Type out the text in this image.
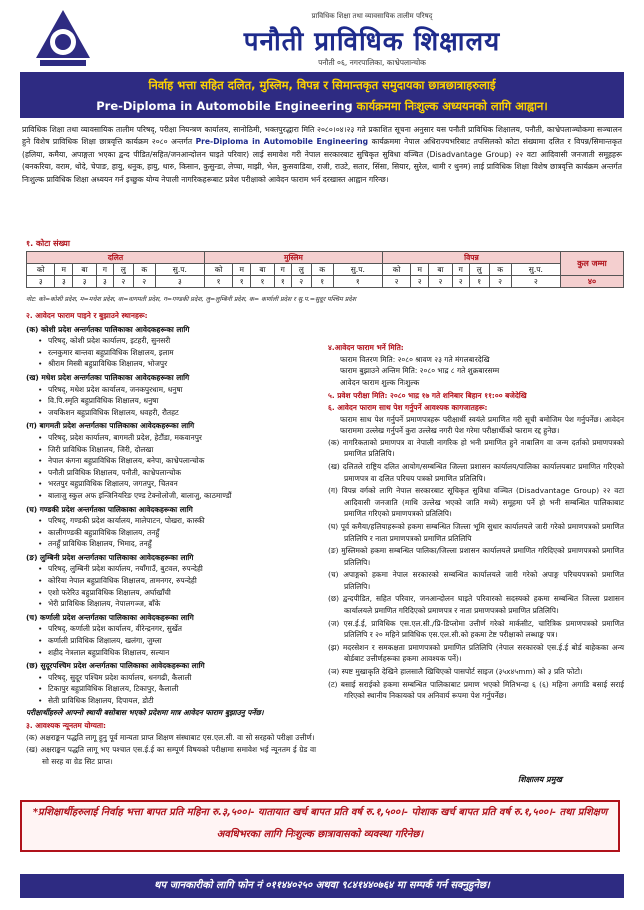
प्राविधिक शिक्षा तथा व्यावसायिक तालीम परिषद्
पनौती प्राविधिक शिक्षालय
पनौती ०६, नगरपालिका, काभ्रेपलान्चोक
निर्वाह भत्ता सहित दलित, मुस्लिम, विपन्न र सिमान्तकृत समुदायका छात्रछात्राहरुलाई
Pre-Diploma in Automobile Engineering कार्यक्रममा निःशुल्क अध्ययनको लागि आह्वान।
प्राविधिक शिक्षा तथा व्यावसायिक तालीम परिषद्, परीक्षा नियन्त्रण कार्यालय, सानोठिमी, भक्तपुरद्धारा मिति २०८०।०४।२३ गते प्रकाशित सूचना अनुसार यस पनौती प्राविधिक शिक्षालय, पनौती, काभ्रेपलाञ्चोकमा सञ्चालन हुने विशेष प्राविधिक शिक्षा छात्रवृत्ति कार्यक्रम २०८० अन्तर्गत Pre-Diploma in Automobile Engineering कार्यक्रममा नेपाल अधिराज्यभरिबाट तपसिलको कोटा संख्यामा दलित र विपन्न/सिमान्तकृत (हलिया, कमैया, अपाङ्गता भएका द्वन्द पीडित/सहित/जनआन्दोलन घाइते परिवार) लाई समावेश गरी नेपाल सरकारबाट सुचिकृत सुविधा वञ्चित (Disadvantage Group) २२ वटा आदिवासी जनजाती समूहहरू (बनकरिया, वराम, थोदे, चेपाङ, हायु, धनुक, हायु, थारु, किसान, कुसुन्डा, लेप्चा, माझी, भेल, कुसवाडिया, राजी, राउटे, सतार, सिंसा, सियार, सुरेल, थामी र थुनम) लाई प्राविधिक शिक्षा विशेष छात्रवृत्ति कार्यक्रम अन्तर्गत निःशुल्क प्राविधिक शिक्षा अध्ययन गर्न इच्छुक योग्य नेपाली नागरिकहरूबाट प्रवेश परीक्षाको आवेदन फाराम भर्न दरखास्त आह्वान गरिन्छ।
१. कोटा संख्या
दलित							मुस्लिम							विपन्न							कुल जम्मा
को	म	बा	ग	लु	क	सु.प.	को	म	बा	ग	लु	क	सु.प.	को	म	बा	ग	लु	क	सु.प.	
३	३	३	३	२	२	३	१	१	१	१	२	१	१	२	२	२	२	१	२	२	४०
नोट: को=कोशी प्रदेश, म=मधेश प्रदेश, वा=वागमती प्रदेश, ग=गण्डकी प्रदेश, लु=लुम्बिनी प्रदेश, क= कर्णाली प्रदेश र सु.प.=सुदूर पश्चिम प्रदेश
२. आवेदन फाराम पाइने र बुझाउने स्थानहरू:
(क) कोशी प्रदेश अन्तर्गतका पालिकाका आवेदकहरूका लागि
• परिषद्, कोशी प्रदेश कार्यालय, इटहरी, सुनसरी
• रत्नकुमार बान्तवा बहुप्राविधिक शिक्षालय, इलाम
• श्रीराम मिस्त्री बहुप्राविधिक शिक्षालय, भोजपुर
(ख) मधेश प्रदेश अन्तर्गतका पालिकाका आवेदकहरूका लागि
• परिषद्, मधेश प्रदेश कार्यालय, जनकपुरधाम, धनुषा
• वि.पि.स्मृति बहुप्राविधिक शिक्षालय, धनुषा
• जयकिशन बहुप्राविधिक शिक्षालय, धवहरी, रौतहट
(ग) बागमती प्रदेश अन्तर्गतका पालिकाका आवेदकहरूका लागि
• परिषद्, प्रदेश कार्यालय, बागमती प्रदेश, हेटौंडा, मकवानपुर
• जिरी प्राविधिक शिक्षालय, जिरी, दोलखा
• नेपाल कंगना बहुप्राविधिक शिक्षालय, बनेपा, काभ्रेपलान्चोक
• पनौती प्राविधिक शिक्षालय, पनौती, काभ्रेपलान्चोक
• भरतपुर बहुप्राविधिक शिक्षालय, जगतपुर, चितवन
• बालाजु स्कुल अफ इन्जिनियरिङ एण्ड टेक्नोलोजी, बालाजु, काठमाण्डौं
(घ) गण्डकी प्रदेश अन्तर्गतका पालिकाका आवेदकहरूका लागि
• परिषद्, गण्डकी प्रदेश कार्यालय, मालेपाटन, पोखरा, कास्की
• कालीगण्डकी बहुप्राविधिक शिक्षालय, तनहुँ
• तनहुँ प्राविधिक शिक्षालय, भिमाद, तनहुँ
(ङ) लुम्बिनी प्रदेश अन्तर्गतका पालिकाका आवेदकहरूका लागि
• परिषद्, लुम्बिनी प्रदेश कार्यालय, नयाँगाउँ, बुटवल, रुपन्देही
• कोरिया नेपाल बहुप्राविधिक शिक्षालय, तामनगर, रुपन्देही
• एशो फरेरिउ बहुप्राविधिक शिक्षालय, अर्घाखाँची
• भेरी प्राविधिक शिक्षालय, नेपालगञ्ज, बाँके
(च) कर्णाली प्रदेश अन्तर्गतका पालिकाका आवेदकहरूका लागि
• परिषद्, कर्णाली प्रदेश कार्यालय, वीरेन्द्रनगर, सुर्खेत
• कर्णाली प्राविधिक शिक्षालय, खलंगा, जुम्ला
• शहीद नेत्रलाल बहुप्राविधिक शिक्षालय, सल्यान
(छ) सुदूरपश्चिम प्रदेश अन्तर्गतका पालिकाका आवेदकहरूका लागि
• परिषद्, सुदूर पश्चिम प्रदेश कार्यालय, धनगढी, कैलाली
• टिकापुर बहुप्राविधिक शिक्षालय, टिकापुर, कैलाली
• सेती प्राविधिक शिक्षालय, दिपायल, डोटी
परीक्षार्थीहरुले आफ्नो स्थायी बसोबास भएको प्रदेशमा मात्र आवेदन फाराम बुझाउनु पर्नेछ।
३. आवश्यक न्यूनतम योग्यता:
(क) अक्षराङ्कन पद्धति लागू हुनु पूर्व मान्यता प्राप्त शिक्षण संस्थाबाट एस.एल.सी. वा सो सरहको परीक्षा उत्तीर्ण।
(ख) अक्षराङ्कन पद्धति लागू भए पश्चात एस.ई.ई का सम्पूर्ण विषयको परीक्षामा समावेश भई न्यूनतम ई ग्रेड वा सो सरह वा ग्रेड सिट प्राप्त।
४.आवेदन फाराम भर्ने मिति:
फाराम वितरण मिति: २०८० श्रावण २३ गते मंगलबारदेखि
फाराम बुझाउने अन्तिम मिति: २०८० भाद्र ८ गते शुक्रबारसम्म
आवेदन फाराम शुल्क निःशुल्क
५. प्रवेश परीक्षा मिति: २०८० भाद्र १७ गते शनिबार बिहान ११:०० बजेदेखि
६. आवेदन फाराम साथ पेश गर्नुपर्ने आवश्यक कागजातहरू:
फाराम साथ पेश गर्नुपर्ने प्रमाणपत्रहरू परीक्षार्थी स्वयंले प्रमाणित गरी सूची बमोजिम पेश गर्नुपर्नेछ। आवेदन फाराममा उल्लेख गर्नुपर्ने कुरा उल्लेख नगरी पेश गरेमा परीक्षार्थीको फाराम रद्द हुनेछ।
(क) नागरिकताको प्रमाणपत्र वा नेपाली नागरिक हो भनी प्रमाणित हुने नाबालिग वा जन्म दर्ताको प्रमाणपत्रको प्रमाणित प्रतिलिपि।
(ख) दलितले राष्ट्रिय दलित आयोग/सम्बन्धित जिल्ला प्रशासन कार्यालय/पालिका कार्यालयबाट प्रमाणित गरिएको प्रमाणपत्र वा दलित परिचय पत्रको प्रमाणित प्रतिलिपि।
(ग) विपन्न वर्गको लागि नेपाल सरकारबाट सूचिकृत सुविधा वञ्चित (Disadvantage Group) २२ वटा आदिवासी जनजाति (माथि उल्लेख भएको जाति मध्ये) समूहमा पर्ने हो भनी सम्बन्धित पालिकाबाट प्रमाणित गरिएको प्रमाणपत्रको प्रतिलिपि।
(घ) पूर्व कमैया/हलियाहरूको हकमा सम्बन्धित जिल्ला भूमि सुधार कार्यालयले जारी गरेको प्रमाणपत्रको प्रमाणित प्रतिलिपि र नाता प्रमाणपत्रको प्रमाणित प्रतिलिपि
(ङ) मुस्लिमको हकमा सम्बन्धित पालिका/जिल्ला प्रशासन कार्यालयले प्रमाणित गरिदिएको प्रमाणपत्रको प्रमाणित प्रतिलिपि।
(च) अपाङ्गको हकमा नेपाल सरकारको सम्बन्धित कार्यालयले जारी गरेको अपाङ्ग परिचयपत्रको प्रमाणित प्रतिलिपि।
(छ) द्वन्दपीडित, सहित परिवार, जनआन्दोलन घाइते परिवारको सदस्यको हकमा सम्बन्धित जिल्ला प्रशासन कार्यालयले प्रमाणित गरिदिएको प्रमाणपत्र र नाता प्रमाणपत्रको प्रमाणित प्रतिलिपि।
(ज) एस.ई.ई, प्राविधिक एस.एल.सी./प्रि-डिप्लोमा उत्तीर्ण गरेको मार्कसीट, चारित्रिक प्रमाणपत्रको प्रमाणित प्रतिलिपि र २० महिने प्राविधिक एस.एल.सी.को हकमा टेष्ट परीक्षाको लब्धाङ्क पत्र।
(झ) मदरसेशन र समकक्षता प्रमाणपत्रको प्रमाणित प्रतिलिपि (नेपाल सरकारको एस.ई.ई बोर्ड बाहेकका अन्य बोर्डबाट उत्तीर्णहरूका हकमा आवश्यक पर्ने)।
(ञ) स्पष्ट मुखाकृति देखिने हालसालै खिचिएको पासपोर्ट साइज (३५x४५mm) को ३ प्रति फोटो।
(ट) बसाई सराईको हकमा सम्बन्धित पालिकाबाट प्रमाण भएको मितिभन्दा ६ (६) महिना अगाडि बसाई सराई गरिएको स्थानीय निकायको पत्र अनिवार्य रूपमा पेश गर्नुपर्नेछ।
शिक्षालय प्रमुख
*प्रशिक्षार्थीहरुलाई निर्वाह भत्ता बापत प्रति महिना रु.३,५००।- यातायात खर्च बापत प्रति वर्ष रु.१,५००।- पोशाक खर्च बापत प्रति वर्ष रु.१,५००।- तथा प्रशिक्षण अवधिभरका लागि निःशुल्क छात्रावासको व्यवस्था गरिनेछ।
थप जानकारीको लागि फोन नं ०११४४०२५० अथवा ९८४१४४०७६४ मा सम्पर्क गर्न सक्नुहुनेछ।
